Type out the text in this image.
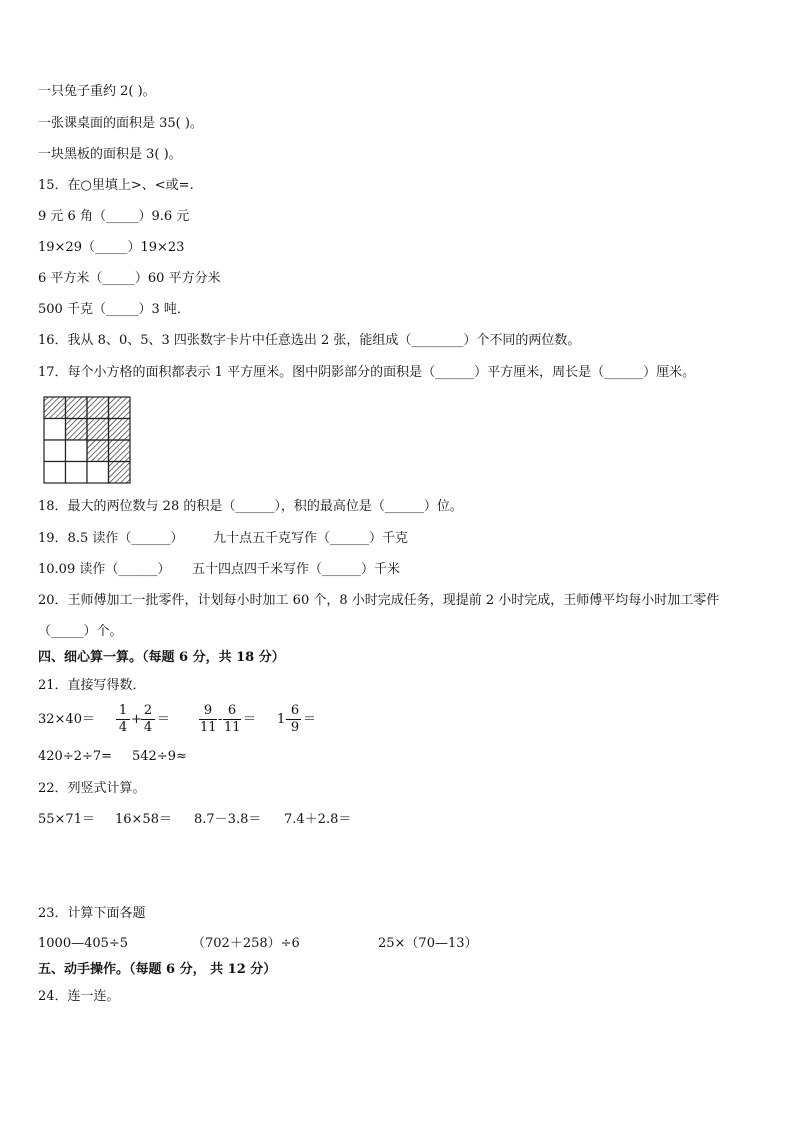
一只兔子重约 2( )。
一张课桌面的面积是 35( )。
一块黑板的面积是 3( )。
15．在○里填上>、<或=.
9 元 6 角（_____）9.6 元
19×29（_____）19×23
6 平方米（_____）60 平方分米
500 千克（_____）3 吨．
16．我从 8、0、5、3 四张数字卡片中任意选出 2 张，能组成（________）个不同的两位数。
17．每个小方格的面积都表示 1 平方厘米。图中阴影部分的面积是（______）平方厘米，周长是（______）厘米。
18．最大的两位数与 28 的积是（______），积的最高位是（______）位。
19．8.5 读作（______） 九十点五千克写作（______）千克
10.09 读作（______） 五十四点四千米写作（______）千米
20．王师傅加工一批零件，计划每小时加工 60 个，8 小时完成任务，现提前 2 小时完成，王师傅平均每小时加工零件
（_____）个。
四、细心算一算。（每题 6 分，共 18 分）
21．直接写得数．
$32\times 40= \frac{1}{4} + \frac{2}{4} = \frac{9}{11} - \frac{6}{11} = 1- \frac{6}{9}$ ＝
420÷2÷7= 542÷9≈
22．列竖式计算。
55×71＝ 16×58＝ 8.7－3.8＝ 7.4＋2.8＝
23．计算下面各题
1000—405÷5	（702＋258）÷6	25×（70—13）
五、动手操作。（每题 6 分， 共 12 分）
24．连一连。
